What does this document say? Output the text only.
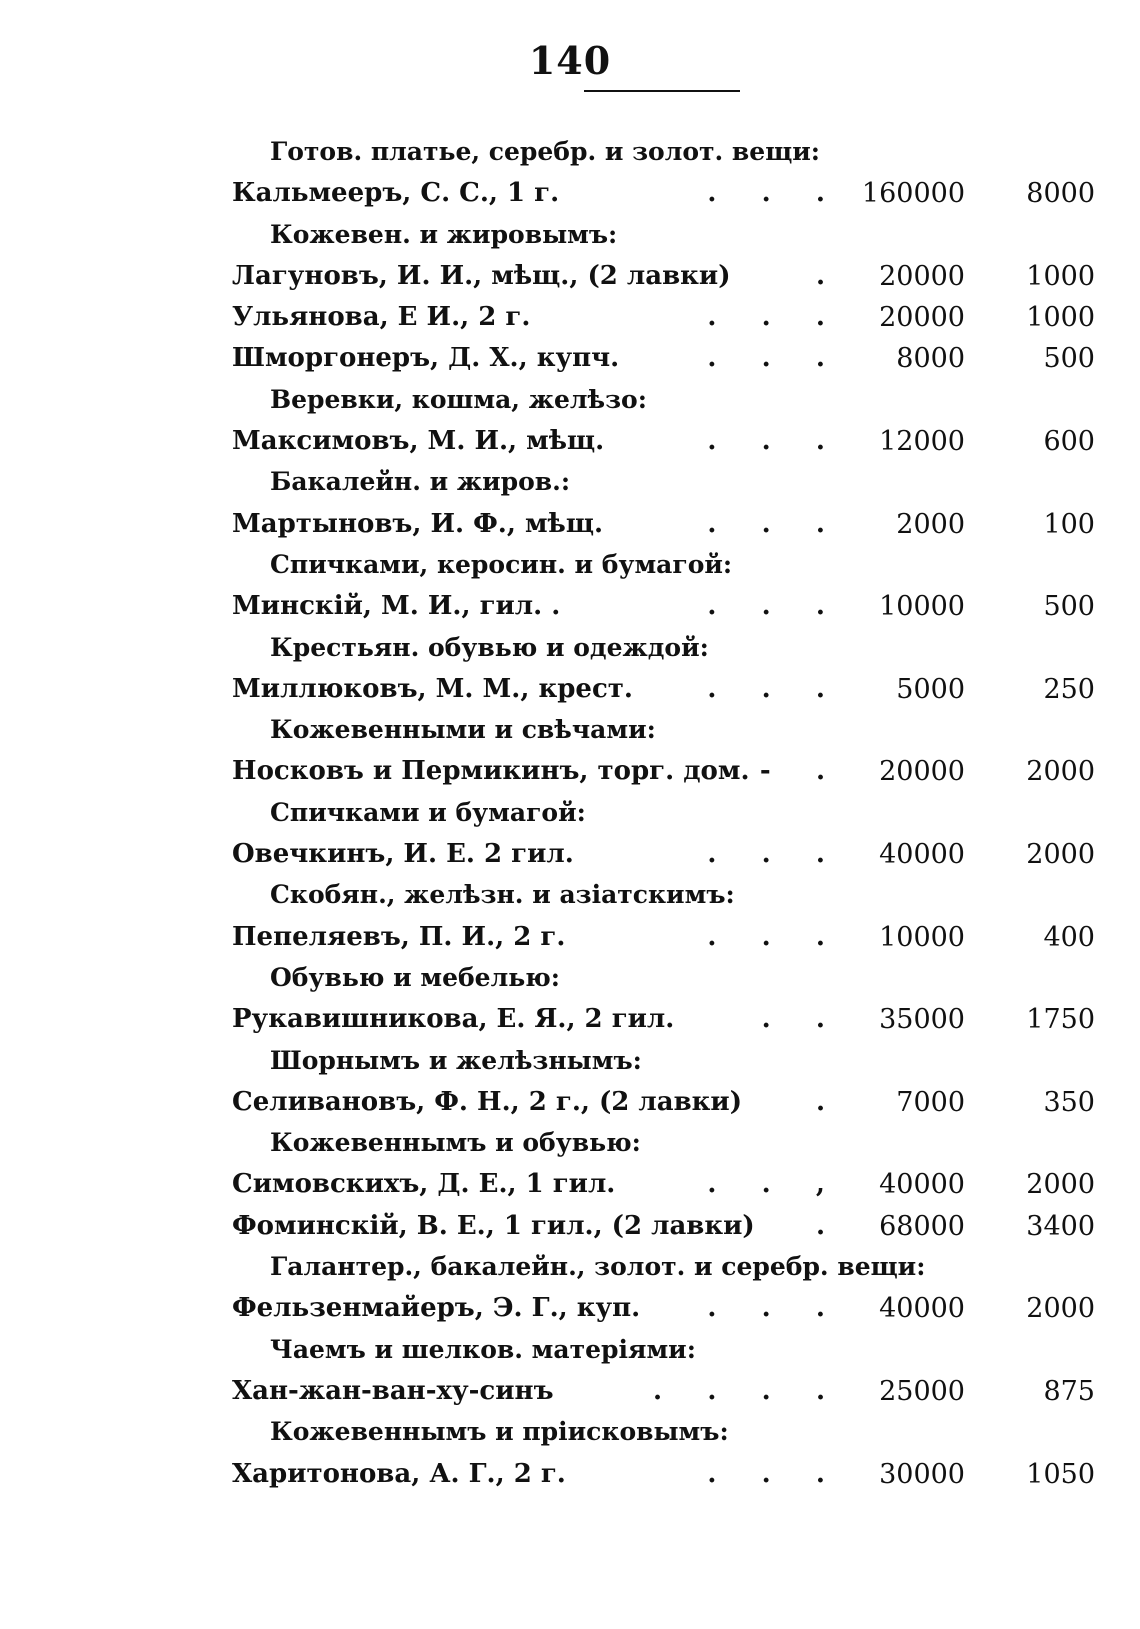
140
Готов. платье, серебр. и золот. вещи:
Кальмееръ, С. С., 1 г.	.     .     . 160000 8000
Кожевен. и жировымъ:
Лагуновъ, И. И., мѣщ., (2 лавки)	. 20000 1000
Ульянова, Е И., 2 г.	.     .     . 20000 1000
Шморгонеръ, Д. Х., купч.	.     .     .	8000	500
Веревки, кошма, желѣзо:
Максимовъ, М. И., мѣщ.	.     .     . 12000	600
Бакалейн. и жиров.:
Мартыновъ, И. Ф., мѣщ.	.     .     .	2000	100
Спичками, керосин. и бумагой:
Минскій, М. И., гил. .	.     .     . 10000	500
Крестьян. обувью и одеждой:
Миллюковъ, М. М., крест.	.     .     .	5000	250
Кожевенными и свѣчами:
Носковъ и Пермикинъ, торг. дом. -     . 20000 2000
Спичками и бумагой:
Овечкинъ, И. Е. 2 гил.	.     .     . 40000 2000
Скобян., желѣзн. и азіатскимъ:
Пепеляевъ, П. И., 2 г.	.     .     . 10000	400
Обувью и мебелью:
Рукавишникова, Е. Я., 2 гил.	.     . 35000 1750
Шорнымъ и желѣзнымъ:
Селивановъ, Ф. Н., 2 г., (2 лавки)	.	7000	350
Кожевеннымъ и обувью:
Симовскихъ, Д. Е., 1 гил.	.     .     , 40000 2000
Фоминскій, В. Е., 1 гил., (2 лавки) . 68000 3400
Галантер., бакалейн., золот. и серебр. вещи:
Фельзенмайеръ, Э. Г., куп.	.     .     . 40000 2000
Чаемъ и шелков. матеріями:
Хан-жан-ван-ху-синъ	.     .     .     . 25000	875
Кожевеннымъ и пріисковымъ:
Харитонова, А. Г., 2 г.	.     .     . 30000 1050
